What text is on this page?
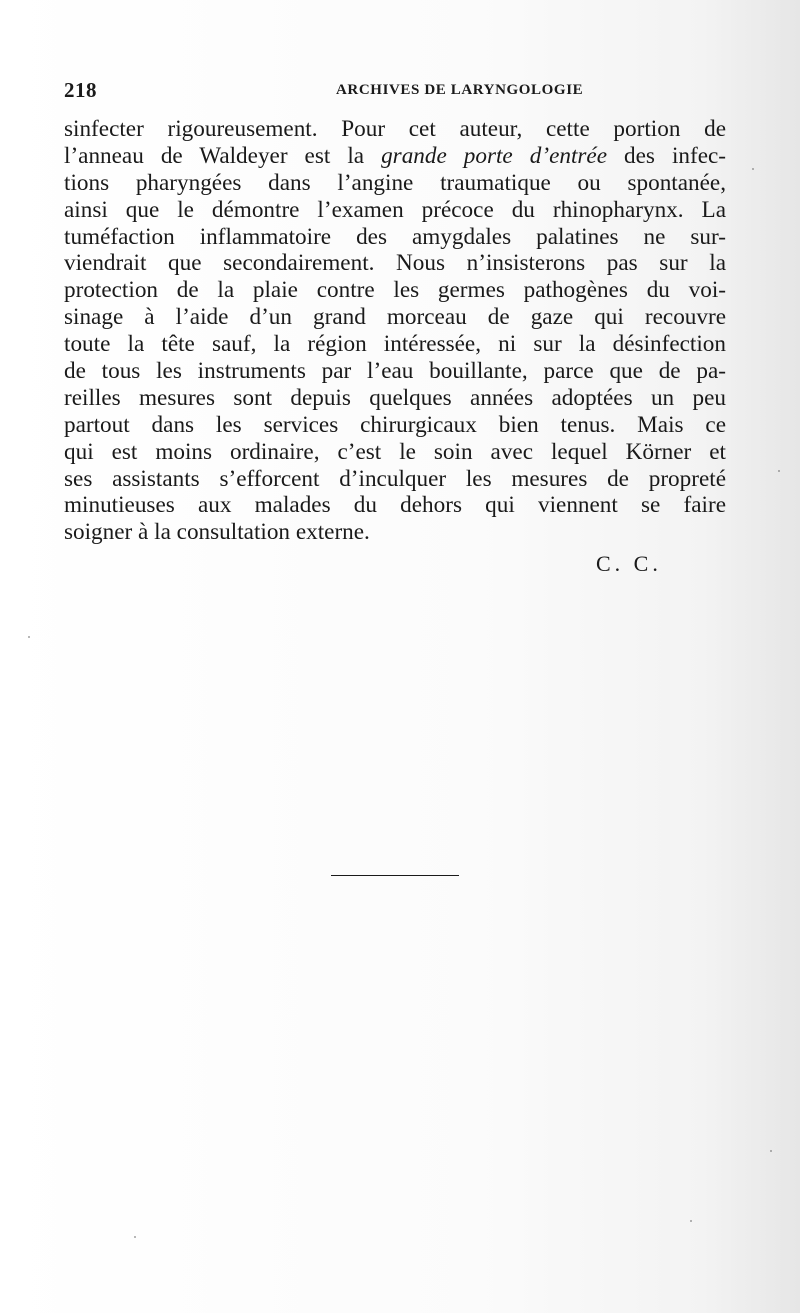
218	ARCHIVES DE LARYNGOLOGIE
sinfecter rigoureusement. Pour cet auteur, cette portion de
l’anneau de Waldeyer est la grande porte d’entrée des infec-
tions pharyngées dans l’angine traumatique ou spontanée,
ainsi que le démontre l’examen précoce du rhinopharynx. La
tuméfaction inflammatoire des amygdales palatines ne sur-
viendrait que secondairement. Nous n’insisterons pas sur la
protection de la plaie contre les germes pathogènes du voi-
sinage à l’aide d’un grand morceau de gaze qui recouvre
toute la tête sauf, la région intéressée, ni sur la désinfection
de tous les instruments par l’eau bouillante, parce que de pa-
reilles mesures sont depuis quelques années adoptées un peu
partout dans les services chirurgicaux bien tenus. Mais ce
qui est moins ordinaire, c’est le soin avec lequel Körner et
ses assistants s’efforcent d’inculquer les mesures de propreté
minutieuses aux malades du dehors qui viennent se faire
soigner à la consultation externe.
C. C.
